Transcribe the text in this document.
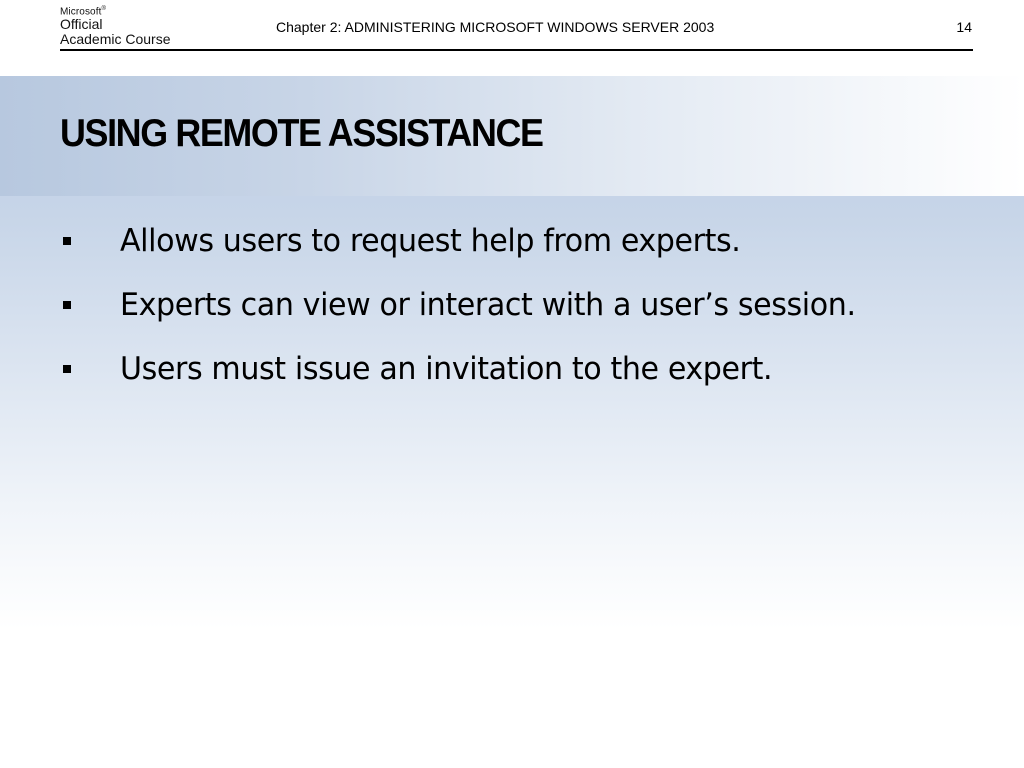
Microsoft®
Official
Academic Course
Chapter 2: ADMINISTERING MICROSOFT WINDOWS SERVER 2003	14
USING REMOTE ASSISTANCE
Allows users to request help from experts.
Experts can view or interact with a user’s session.
Users must issue an invitation to the expert.
